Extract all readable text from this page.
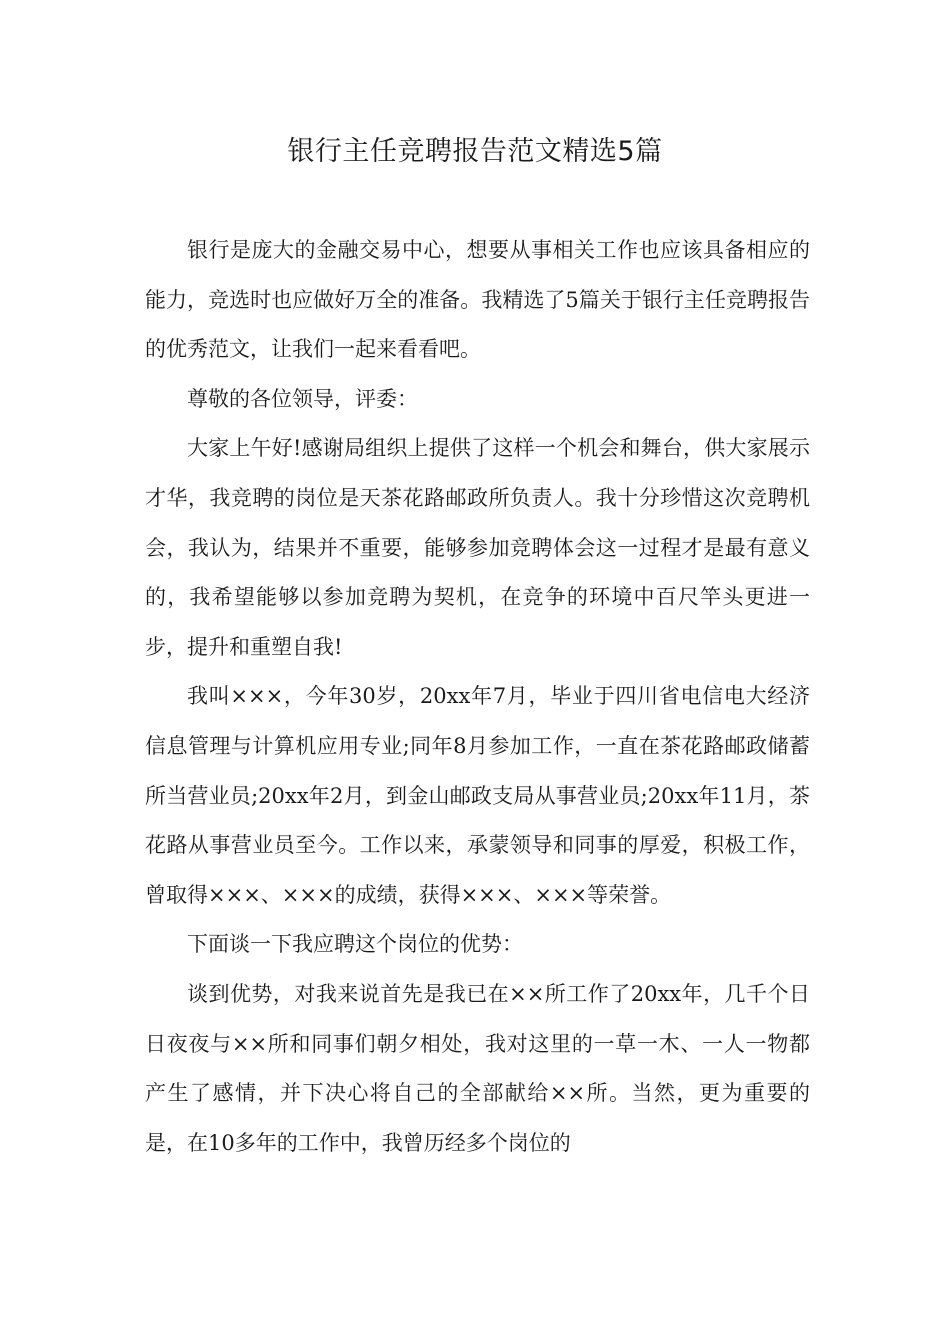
银行主任竞聘报告范文精选5篇

银行是庞大的金融交易中心，想要从事相关工作也应该具备相应的能力，竞选时也应做好万全的准备。我精选了5篇关于银行主任竞聘报告的优秀范文，让我们一起来看看吧。

尊敬的各位领导，评委：

大家上午好!感谢局组织上提供了这样一个机会和舞台，供大家展示才华，我竞聘的岗位是天茶花路邮政所负责人。我十分珍惜这次竞聘机会，我认为，结果并不重要，能够参加竞聘体会这一过程才是最有意义的，我希望能够以参加竞聘为契机，在竞争的环境中百尺竿头更进一步，提升和重塑自我!

我叫×××，今年30岁，20xx年7月，毕业于四川省电信电大经济信息管理与计算机应用专业;同年8月参加工作，一直在茶花路邮政储蓄所当营业员;20xx年2月，到金山邮政支局从事营业员;20xx年11月，茶花路从事营业员至今。工作以来，承蒙领导和同事的厚爱，积极工作，曾取得×××、×××的成绩，获得×××、×××等荣誉。

下面谈一下我应聘这个岗位的优势：

谈到优势，对我来说首先是我已在××所工作了20xx年，几千个日日夜夜与××所和同事们朝夕相处，我对这里的一草一木、一人一物都产生了感情，并下决心将自己的全部献给××所。当然，更为重要的是，在10多年的工作中，我曾历经多个岗位的
